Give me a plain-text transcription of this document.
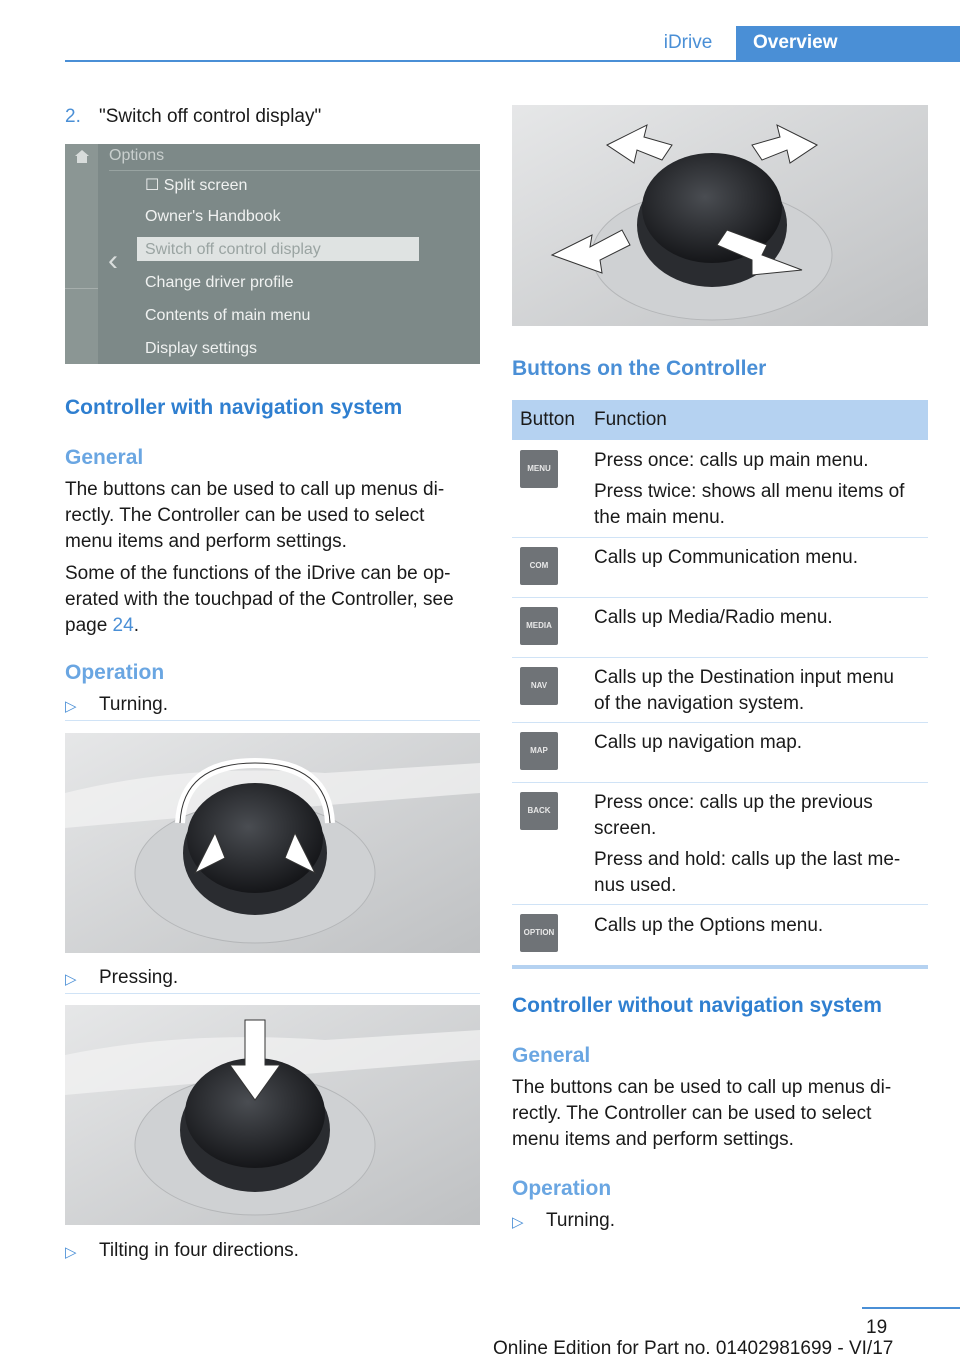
iDrive	Overview
2. "Switch off control display"
Options
‹
☐ Split screen
Owner's Handbook
Switch off control display
Change driver profile
Contents of main menu
Display settings
Controller with navigation system
General
The buttons can be used to call up menus di‐
rectly. The Controller can be used to select
menu items and perform settings.
Some of the functions of the iDrive can be op‐
erated with the touchpad of the Controller, see
page 24.
Operation
▷ Turning.
▷ Pressing.
▷ Tilting in four directions.
Buttons on the Controller
Button Function
MENU	Press once: calls up main menu.
Press twice: shows all menu items of
the main menu.
COM	Calls up Communication menu.
MEDIA	Calls up Media/Radio menu.
NAV	Calls up the Destination input menu
of the navigation system.
MAP	Calls up navigation map.
BACK	Press once: calls up the previous
screen.
Press and hold: calls up the last me‐
nus used.
OPTION Calls up the Options menu.
Controller without navigation system
General
The buttons can be used to call up menus di‐
rectly. The Controller can be used to select
menu items and perform settings.
Operation
▷ Turning.
19
Online Edition for Part no. 01402981699 - VI/17
